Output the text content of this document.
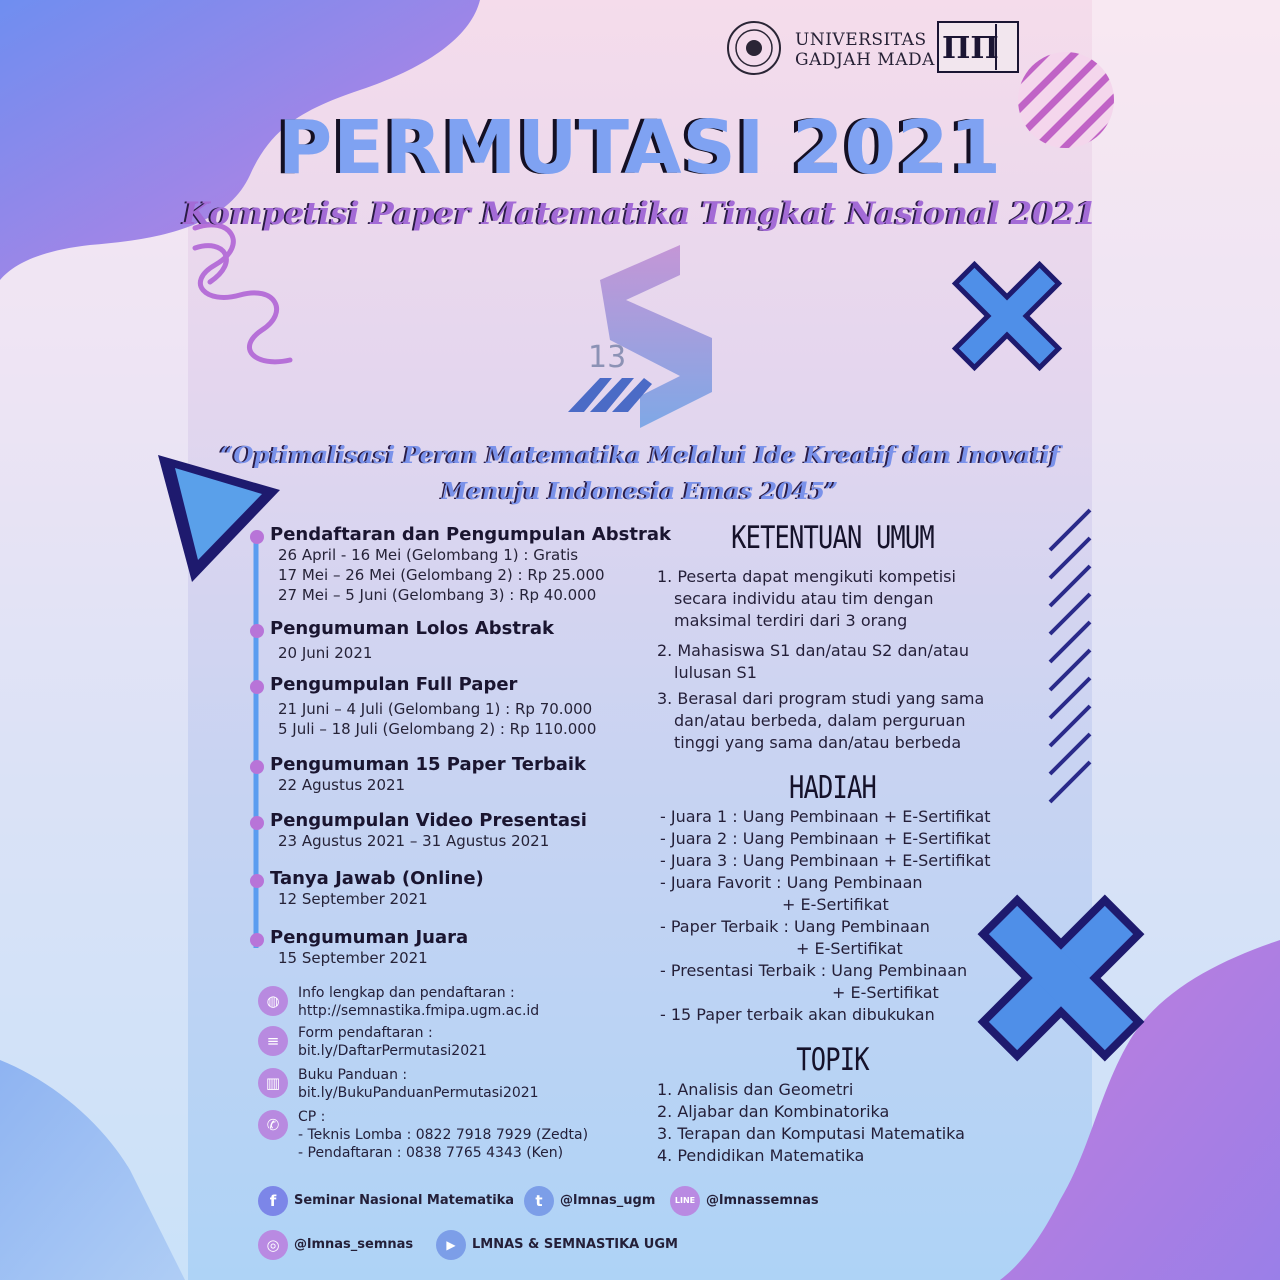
ΠΠ
UNIVERSITAS
GADJAH MADA
PERMUTASI 2021
Kompetisi Paper Matematika Tingkat Nasional 2021
13
“Optimalisasi Peran Matematika Melalui Ide Kreatif dan Inovatif
Menuju Indonesia Emas 2045”
Pendaftaran dan Pengumpulan Abstrak
26 April - 16 Mei (Gelombang 1) : Gratis
17 Mei – 26 Mei (Gelombang 2) : Rp 25.000
27 Mei – 5 Juni (Gelombang 3) : Rp 40.000
Pengumuman Lolos Abstrak
20 Juni 2021
Pengumpulan Full Paper
21 Juni – 4 Juli (Gelombang 1) : Rp 70.000
5 Juli – 18 Juli (Gelombang 2) : Rp 110.000
Pengumuman 15 Paper Terbaik
22 Agustus 2021
Pengumpulan Video Presentasi
23 Agustus 2021 – 31 Agustus 2021
Tanya Jawab (Online)
12 September 2021
Pengumuman Juara
15 September 2021
◍	Info lengkap dan pendaftaran :
http://semnastika.fmipa.ugm.ac.id
≡	Form pendaftaran :
bit.ly/DaftarPermutasi2021
▥	Buku Panduan :
bit.ly/BukuPanduanPermutasi2021
✆	CP :
- Teknis Lomba : 0822 7918 7929 (Zedta)
- Pendaftaran : 0838 7765 4343 (Ken)
KETENTUAN UMUM
1. Peserta dapat mengikuti kompetisi
secara individu atau tim dengan
maksimal terdiri dari 3 orang
2. Mahasiswa S1 dan/atau S2 dan/atau
lulusan S1
3. Berasal dari program studi yang sama
dan/atau berbeda, dalam perguruan
tinggi yang sama dan/atau berbeda
HADIAH
- Juara 1 : Uang Pembinaan + E-Sertifikat
- Juara 2 : Uang Pembinaan + E-Sertifikat
- Juara 3 : Uang Pembinaan + E-Sertifikat
- Juara Favorit : Uang Pembinaan
+ E-Sertifikat
- Paper Terbaik : Uang Pembinaan
+ E-Sertifikat
- Presentasi Terbaik : Uang Pembinaan
+ E-Sertifikat
- 15 Paper terbaik akan dibukukan
TOPIK
1. Analisis dan Geometri
2. Aljabar dan Kombinatorika
3. Terapan dan Komputasi Matematika
4. Pendidikan Matematika
f	Seminar Nasional Matematika	t	@lmnas_ugm	LINE @lmnassemnas
◎	@lmnas_semnas	▶	LMNAS & SEMNASTIKA UGM
